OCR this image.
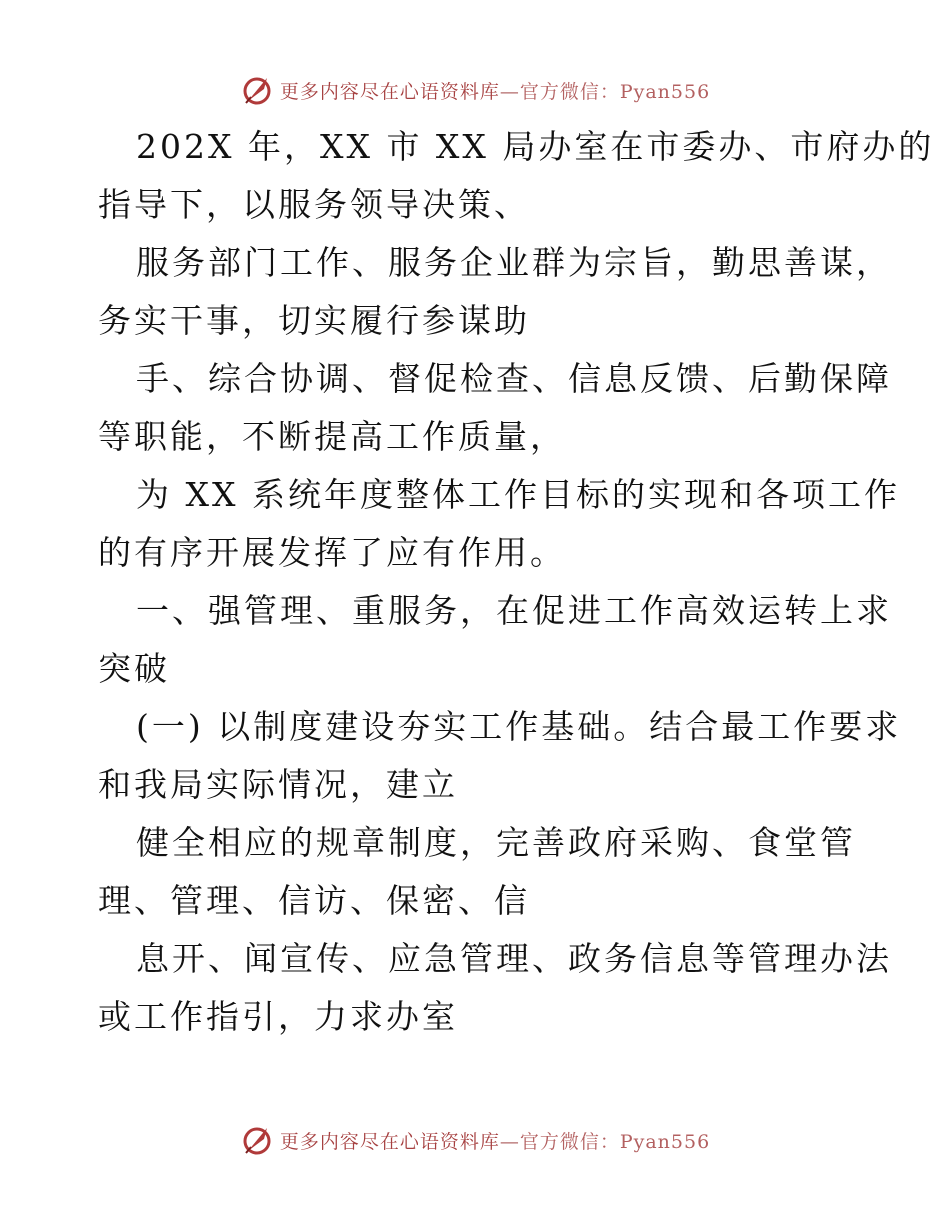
更多内容尽在心语资料库—官方微信：Pyan556
202X 年，XX 市 XX 局办室在市委办、市府办的
指导下，以服务领导决策、
服务部门工作、服务企业群为宗旨，勤思善谋，
务实干事，切实履行参谋助
手、综合协调、督促检查、信息反馈、后勤保障
等职能，不断提高工作质量，
为 XX 系统年度整体工作目标的实现和各项工作
的有序开展发挥了应有作用。
一、强管理、重服务，在促进工作高效运转上求
突破
(一) 以制度建设夯实工作基础。结合最工作要求
和我局实际情况，建立
健全相应的规章制度，完善政府采购、食堂管
理、管理、信访、保密、信
息开、闻宣传、应急管理、政务信息等管理办法
或工作指引，力求办室
更多内容尽在心语资料库—官方微信：Pyan556
